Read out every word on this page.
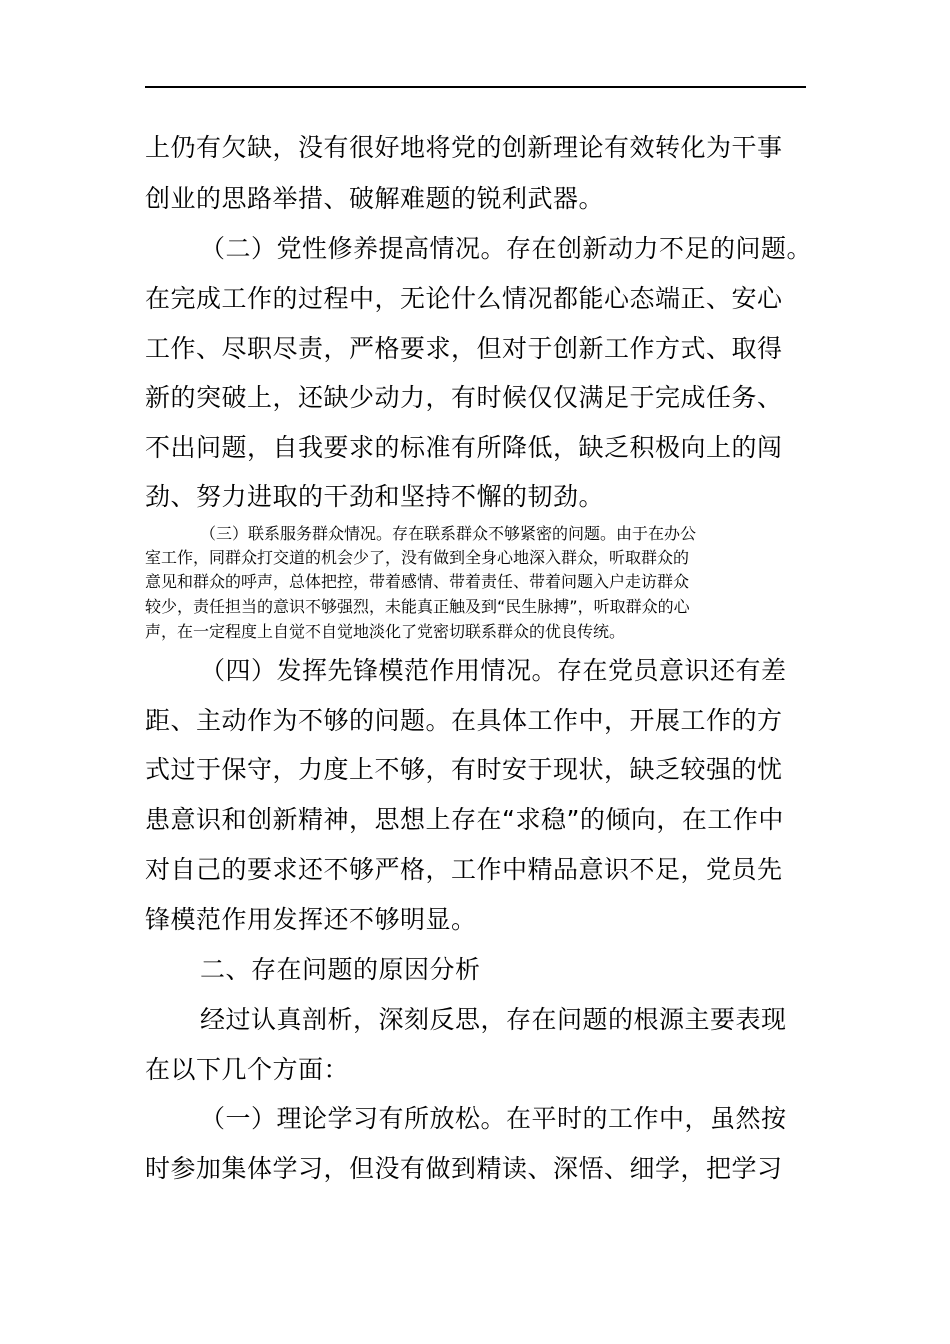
上仍有欠缺，没有很好地将党的创新理论有效转化为干事

创业的思路举措、破解难题的锐利武器。

（二）党性修养提高情况。存在创新动力不足的问题。

在完成工作的过程中，无论什么情况都能心态端正、安心

工作、尽职尽责，严格要求，但对于创新工作方式、取得

新的突破上，还缺少动力，有时候仅仅满足于完成任务、

不出问题，自我要求的标准有所降低，缺乏积极向上的闯

劲、努力进取的干劲和坚持不懈的韧劲。

（三）联系服务群众情况。存在联系群众不够紧密的问题。由于在办公
室工作，同群众打交道的机会少了，没有做到全身心地深入群众，听取群众的
意见和群众的呼声，总体把控，带着感情、带着责任、带着问题入户走访群众
较少，责任担当的意识不够强烈，未能真正触及到“民生脉搏”，听取群众的心
声，在一定程度上自觉不自觉地淡化了党密切联系群众的优良传统。

（四）发挥先锋模范作用情况。存在党员意识还有差

距、主动作为不够的问题。在具体工作中，开展工作的方

式过于保守，力度上不够，有时安于现状，缺乏较强的忧

患意识和创新精神，思想上存在“求稳”的倾向，在工作中

对自己的要求还不够严格，工作中精品意识不足，党员先

锋模范作用发挥还不够明显。

二、存在问题的原因分析

经过认真剖析，深刻反思，存在问题的根源主要表现

在以下几个方面：

（一）理论学习有所放松。在平时的工作中，虽然按

时参加集体学习，但没有做到精读、深悟、细学，把学习
